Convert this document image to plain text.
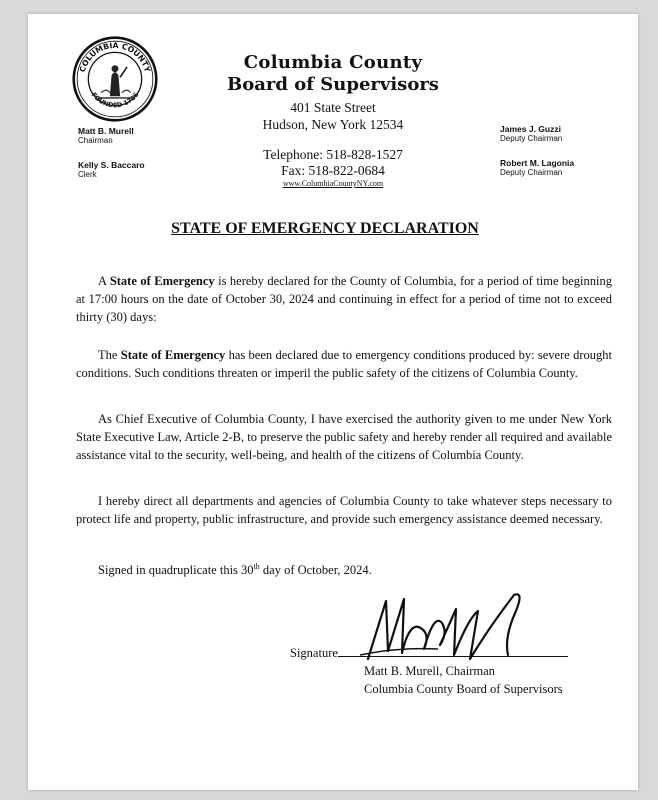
COLUMBIA COUNTY
FOUNDED 1786
Columbia County
Board of Supervisors
401 State Street
Hudson, New York 12534
Telephone: 518-828-1527
Fax: 518-822-0684
www.ColumbiaCountyNY.com
Matt B. Murell
Chairman
Kelly S. Baccaro
Clerk
James J. Guzzi
Deputy Chairman
Robert M. Lagonia
Deputy Chairman
STATE OF EMERGENCY DECLARATION
A State of Emergency is hereby declared for the County of Columbia, for a period of time beginning at 17:00 hours on the date of October 30, 2024 and continuing in effect for a period of time not to exceed thirty (30) days:
The State of Emergency has been declared due to emergency conditions produced by: severe drought conditions. Such conditions threaten or imperil the public safety of the citizens of Columbia County.
As Chief Executive of Columbia County, I have exercised the authority given to me under New York State Executive Law, Article 2-B, to preserve the public safety and hereby render all required and available assistance vital to the security, well-being, and health of the citizens of Columbia County.
I hereby direct all departments and agencies of Columbia County to take whatever steps necessary to protect life and property, public infrastructure, and provide such emergency assistance deemed necessary.
Signed in quadruplicate this 30th day of October, 2024.
Signature
Matt B. Murell, Chairman
Columbia County Board of Supervisors
